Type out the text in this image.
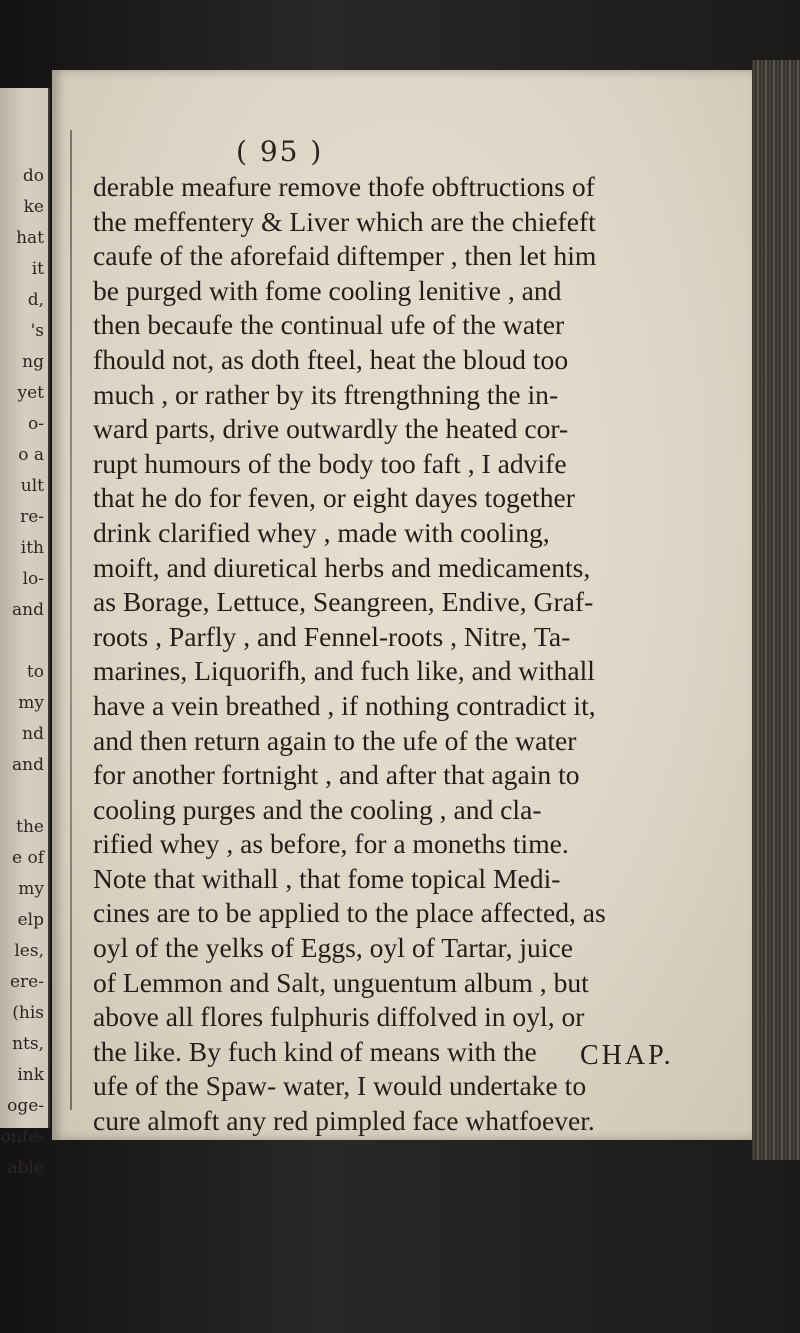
do
ke
hat
it
d,
's
ng
yet
o-
o a
ult
re-
ith
lo-
and
to
my
nd
and
the
e of
my
elp
les,
ere-
(his
nts,
ink
oge-
onfe-
able
( 95 )
derable meafure remove thofe obftructions of
the meffentery & Liver which are the chiefeft
caufe of the aforefaid diftemper , then let him
be purged with fome cooling lenitive , and
then becaufe the continual ufe of the water
fhould not, as doth fteel, heat the bloud too
much , or rather by its ftrengthning the in-
ward parts, drive outwardly the heated cor-
rupt humours of the body too faft , I advife
that he do for feven, or eight dayes together
drink clarified whey , made with cooling,
moift, and diuretical herbs and medicaments,
as Borage, Lettuce, Seangreen, Endive, Graf-
roots , Parfly , and Fennel-roots , Nitre, Ta-
marines, Liquorifh, and fuch like, and withall
have a vein breathed , if nothing contradict it,
and then return again to the ufe of the water
for another fortnight , and after that again to
cooling purges and the cooling , and cla-
rified whey , as before, for a moneths time.
Note that withall , that fome topical Medi-
cines are to be applied to the place affected, as
oyl of the yelks of Eggs, oyl of Tartar, juice
of Lemmon and Salt, unguentum album , but
above all flores fulphuris diffolved in oyl, or
the like. By fuch kind of means with the
ufe of the Spaw- water, I would undertake to
cure almoft any red pimpled face whatfoever.
CHAP.
